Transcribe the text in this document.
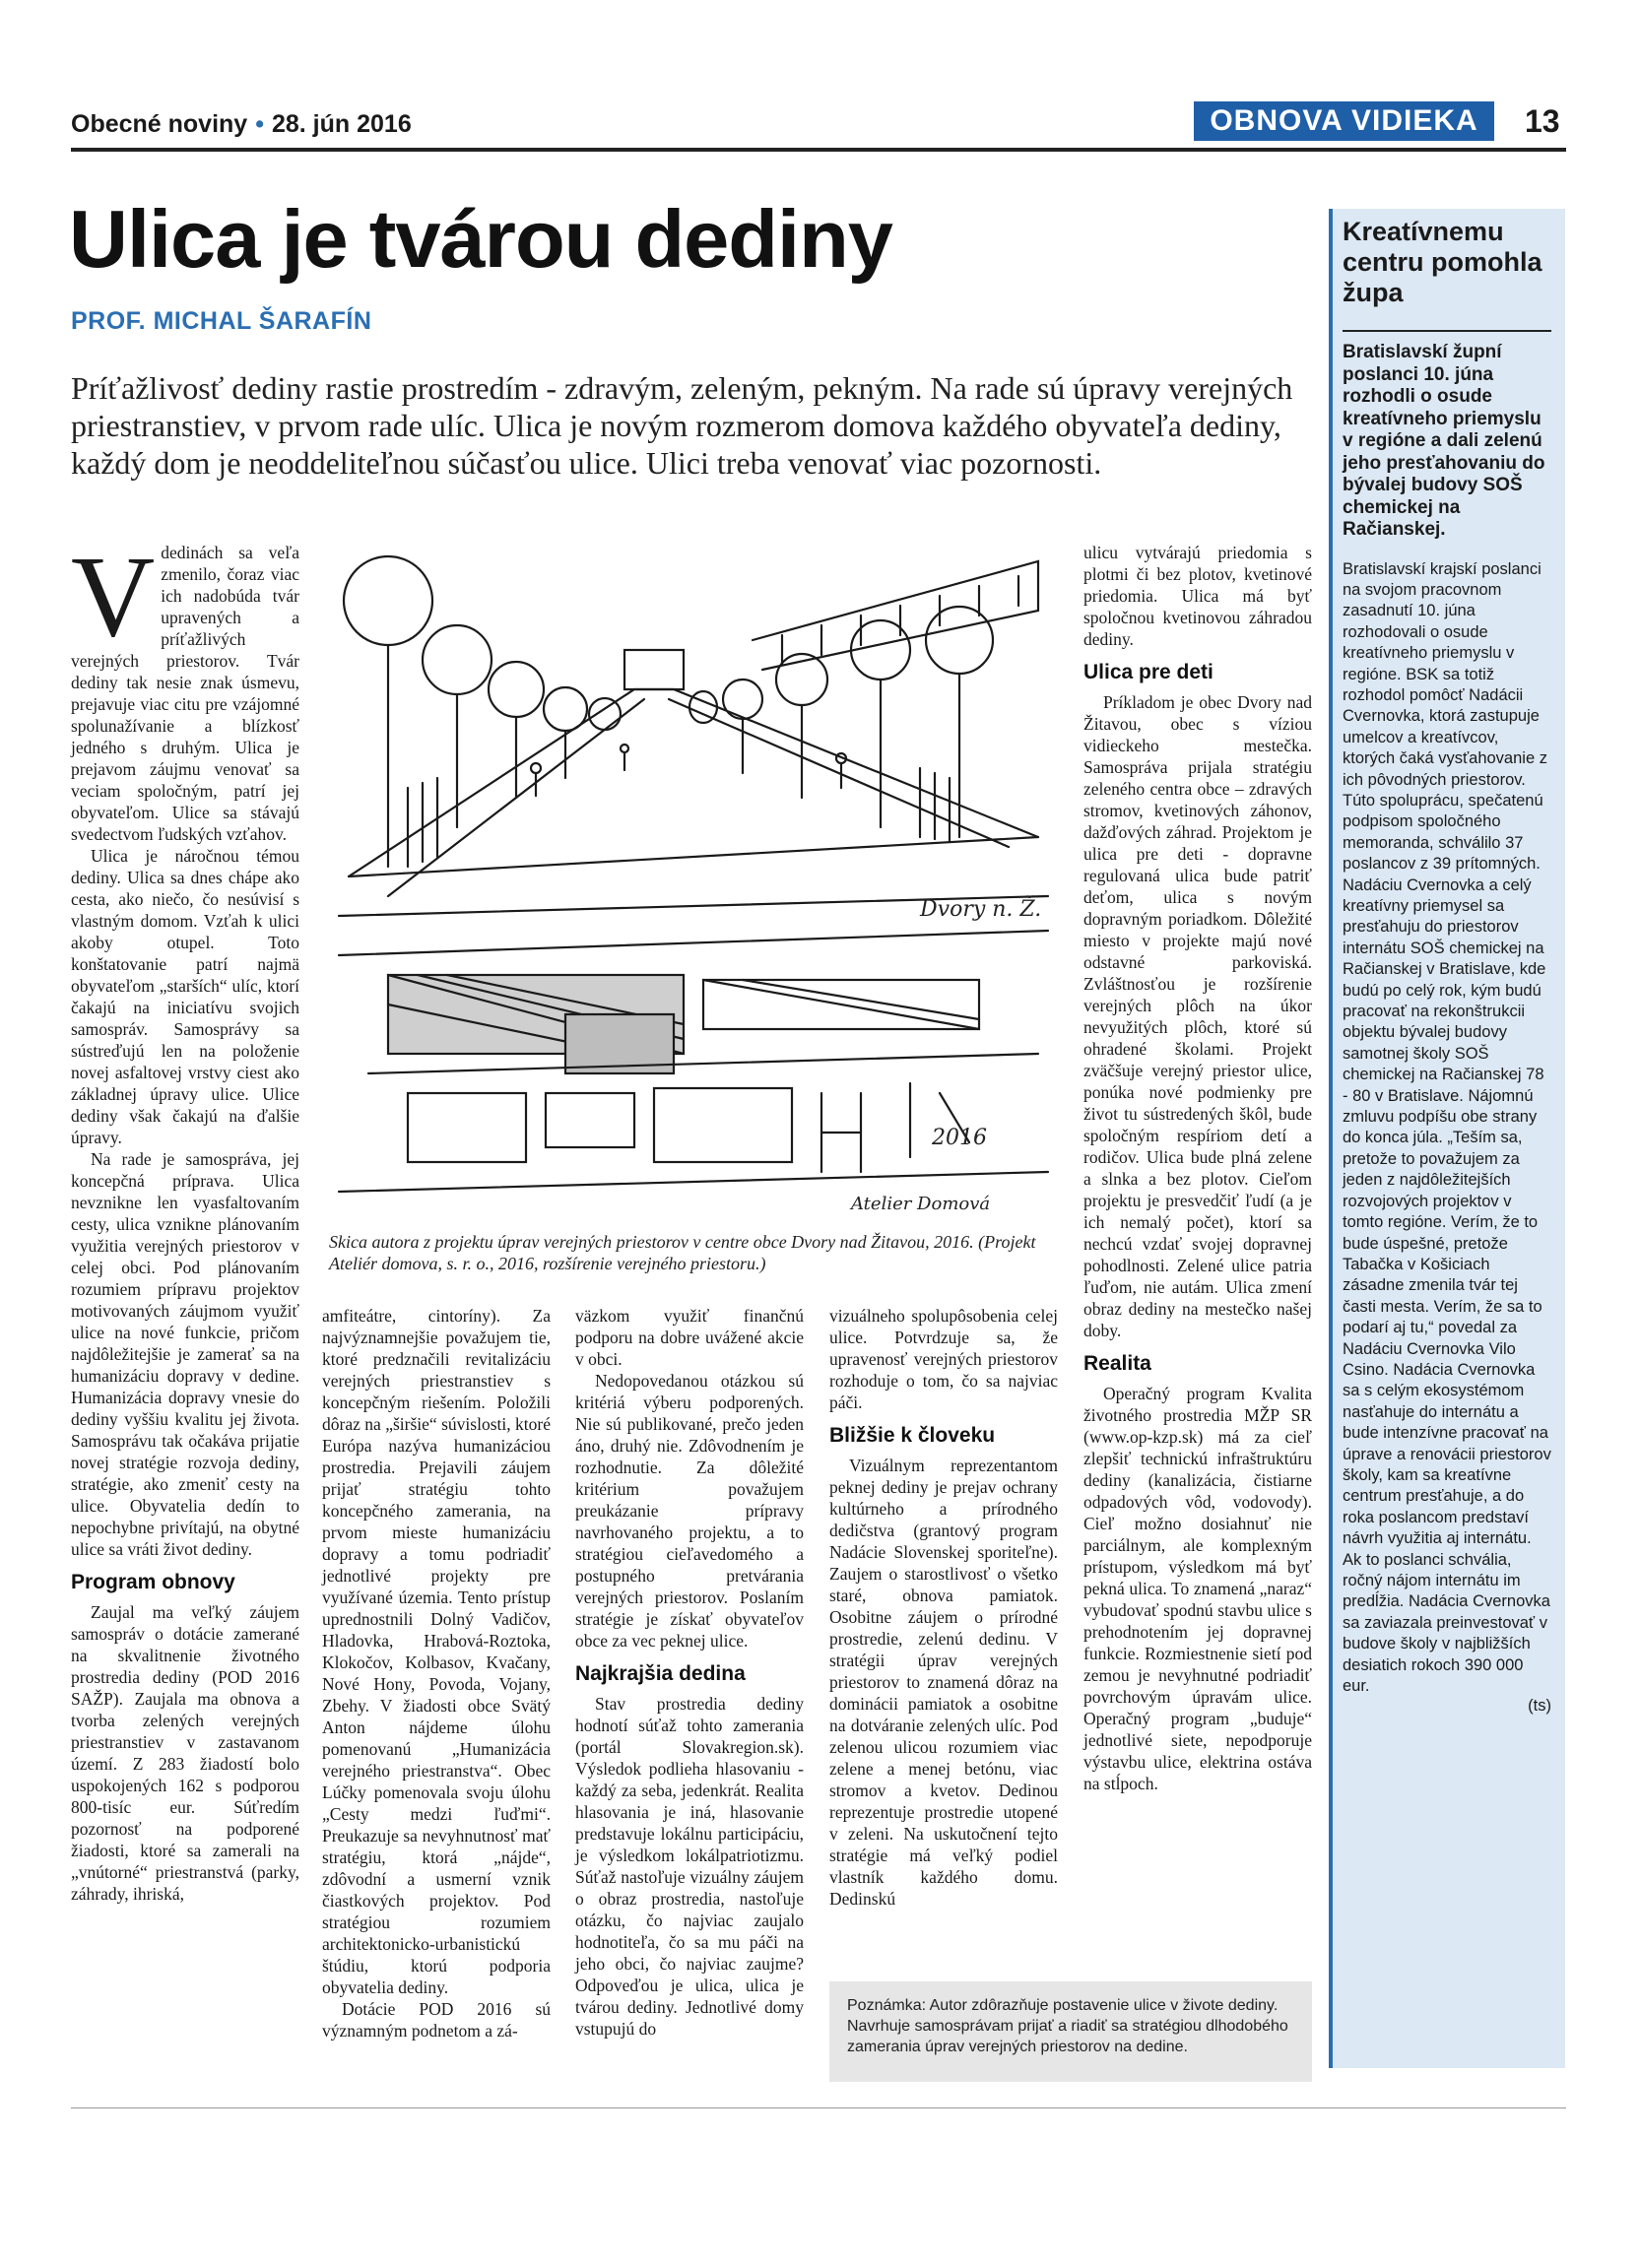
Obecné noviny • 28. jún 2016	OBNOVA VIDIEKA	13
Ulica je tvárou dediny
PROF. MICHAL ŠARAFÍN
Príťažlivosť dediny rastie prostredím - zdravým, zeleným, pekným. Na rade sú úpravy verejných priestranstiev, v prvom rade ulíc. Ulica je novým rozmerom domova každého obyvateľa dediny, každý dom je neoddeliteľnou súčasťou ulice. Ulici treba venovať viac pozornosti.
V dedinách sa veľa zmenilo, čoraz viac ich nadobúda tvár upravených a príťažlivých verejných priestorov. Tvár dediny tak nesie znak úsmevu, prejavuje viac citu pre vzájomné spolunažívanie a blízkosť jedného s druhým. Ulica je prejavom záujmu venovať sa veciam spoločným, patrí jej obyvateľom. Ulice sa stávajú svedectvom ľudských vzťahov.

Ulica je náročnou témou dediny. Ulica sa dnes chápe ako cesta, ako niečo, čo nesúvisí s vlastným domom. Vzťah k ulici akoby otupel. Toto konštatovanie patrí najmä obyvateľom „starších“ ulíc, ktorí čakajú na iniciatívu svojich samospráv. Samosprávy sa sústreďujú len na položenie novej asfaltovej vrstvy ciest ako základnej úpravy ulice. Ulice dediny však čakajú na ďalšie úpravy.

Na rade je samospráva, jej koncepčná príprava. Ulica nevznikne len vyasfaltovaním cesty, ulica vznikne plánovaním využitia verejných priestorov v celej obci. Pod plánovaním rozumiem prípravu projektov motivovaných záujmom využiť ulice na nové funkcie, pričom najdôležitejšie je zamerať sa na humanizáciu dopravy v dedine. Humanizácia dopravy vnesie do dediny vyššiu kvalitu jej života. Samosprávu tak očakáva prijatie novej stratégie rozvoja dediny, stratégie, ako zmeniť cesty na ulice. Obyvatelia dedín to nepochybne privítajú, na obytné ulice sa vráti život dediny.

Program obnovy

Zaujal ma veľký záujem samospráv o dotácie zamerané na skvalitnenie životného prostredia dediny (POD 2016 SAŽP). Zaujala ma obnova a tvorba zelených verejných priestranstiev v zastavanom území. Z 283 žiadostí bolo uspokojených 162 s podporou 800-tisíc eur. Súťredím pozornosť na podporené žiadosti, ktoré sa zamerali na „vnútorné“ priestranstvá (parky, záhrady, ihriská,

Dvory n. Ž.
2016
Atelier Domová
Skica autora z projektu úprav verejných priestorov v centre obce Dvory nad Žitavou, 2016. (Projekt Ateliér domova, s. r. o., 2016, rozšírenie verejného priestoru.)

amfiteátre, cintoríny). Za najvýznamnejšie považujem tie, ktoré predznačili revitalizáciu verejných priestranstiev s koncepčným riešením. Položili dôraz na „širšie“ súvislosti, ktoré Európa nazýva humanizáciou prostredia. Prejavili záujem prijať stratégiu tohto koncepčného zamerania, na prvom mieste humanizáciu dopravy a tomu podriadiť jednotlivé projekty pre využívané územia. Tento prístup uprednostnili Dolný Vadičov, Hladovka, Hrabová-Roztoka, Klokočov, Kolbasov, Kvačany, Nové Hony, Povoda, Vojany, Zbehy. V žiadosti obce Svätý Anton nájdeme úlohu pomenovanú „Humanizácia verejného priestranstva“. Obec Lúčky pomenovala svoju úlohu „Cesty medzi ľuďmi“. Preukazuje sa nevyhnutnosť mať stratégiu, ktorá „nájde“, zdôvodní a usmerní vznik čiastkových projektov. Pod stratégiou rozumiem architektonicko-urbanistickú štúdiu, ktorú podporia obyvatelia dediny.

Dotácie POD 2016 sú významným podnetom a zá-

väzkom využiť finančnú podporu na dobre uvážené akcie v obci.

Nedopovedanou otázkou sú kritériá výberu podporených. Nie sú publikované, prečo jeden áno, druhý nie. Zdôvodnením je rozhodnutie. Za dôležité kritérium považujem preukázanie prípravy navrhovaného projektu, a to stratégiou cieľavedomého a postupného pretvárania verejných priestorov. Poslaním stratégie je získať obyvateľov obce za vec peknej ulice.

Najkrajšia dedina

Stav prostredia dediny hodnotí súťaž tohto zamerania (portál Slovakregion.sk). Výsledok podlieha hlasovaniu - každý za seba, jedenkrát. Realita hlasovania je iná, hlasovanie predstavuje lokálnu participáciu, je výsledkom lokálpatriotizmu. Súťaž nastoľuje vizuálny záujem o obraz prostredia, nastoľuje otázku, čo najviac zaujalo hodnotiteľa, čo sa mu páči na jeho obci, čo najviac zaujme? Odpoveďou je ulica, ulica je tvárou dediny. Jednotlivé domy vstupujú do

vizuálneho spolupôsobenia celej ulice. Potvrdzuje sa, že upravenosť verejných priestorov rozhoduje o tom, čo sa najviac páči.

Bližšie k človeku

Vizuálnym reprezentantom peknej dediny je prejav ochrany kultúrneho a prírodného dedičstva (grantový program Nadácie Slovenskej sporiteľne). Zaujem o starostlivosť o všetko staré, obnova pamiatok. Osobitne záujem o prírodné prostredie, zelenú dedinu. V stratégii úprav verejných priestorov to znamená dôraz na dominácii pamiatok a osobitne na dotváranie zelených ulíc. Pod zelenou ulicou rozumiem viac zelene a menej betónu, viac stromov a kvetov. Dedinou reprezentuje prostredie utopené v zeleni. Na uskutočnení tejto stratégie má veľký podiel vlastník každého domu. Dedinskú

ulicu vytvárajú priedomia s plotmi či bez plotov, kvetinové priedomia. Ulica má byť spoločnou kvetinovou záhradou dediny.

Ulica pre deti

Príkladom je obec Dvory nad Žitavou, obec s víziou vidieckeho mestečka. Samospráva prijala stratégiu zeleného centra obce – zdravých stromov, kvetinových záhonov, dažďových záhrad. Projektom je ulica pre deti - dopravne regulovaná ulica bude patriť deťom, ulica s novým dopravným poriadkom. Dôležité miesto v projekte majú nové odstavné parkoviská. Zvláštnosťou je rozšírenie verejných plôch na úkor nevyužitých plôch, ktoré sú ohradené školami. Projekt zväčšuje verejný priestor ulice, ponúka nové podmienky pre život tu sústredených škôl, bude spoločným respíriom detí a rodičov. Ulica bude plná zelene a slnka a bez plotov. Cieľom projektu je presvedčiť ľudí (a je ich nemalý počet), ktorí sa nechcú vzdať svojej dopravnej pohodlnosti. Zelené ulice patria ľuďom, nie autám. Ulica zmení obraz dediny na mestečko našej doby.

Realita

Operačný program Kvalita životného prostredia MŽP SR (www.op-kzp.sk) má za cieľ zlepšiť technickú infraštruktúru dediny (kanalizácia, čistiarne odpadových vôd, vodovody). Cieľ možno dosiahnuť nie parciálnym, ale komplexným prístupom, výsledkom má byť pekná ulica. To znamená „naraz“ vybudovať spodnú stavbu ulice s prehodnotením jej dopravnej funkcie. Rozmiestnenie sietí pod zemou je nevyhnutné podriadiť povrchovým úpravám ulice. Operačný program „buduje“ jednotlivé siete, nepodporuje výstavbu ulice, elektrina ostáva na stĺpoch.

Poznámka: Autor zdôrazňuje postavenie ulice v živote dediny. Navrhuje samosprávam prijať a riadiť sa stratégiou dlhodobého zamerania úprav verejných priestorov na dedine.
Kreatívnemu centru pomohla župa
Bratislavskí župní poslanci 10. júna rozhodli o osude kreatívneho priemyslu v regióne a dali zelenú jeho presťahovaniu do bývalej budovy SOŠ chemickej na Račianskej.
Bratislavskí krajskí poslanci na svojom pracovnom zasadnutí 10. júna rozhodovali o osude kreatívneho priemyslu v regióne. BSK sa totiž rozhodol pomôcť Nadácii Cvernovka, ktorá zastupuje umelcov a kreatívcov, ktorých čaká vysťahovanie z ich pôvodných priestorov. Túto spoluprácu, spečatenú podpisom spoločného memoranda, schválilo 37 poslancov z 39 prítomných. Nadáciu Cvernovka a celý kreatívny priemysel sa presťahuju do priestorov internátu SOŠ chemickej na Račianskej v Bratislave, kde budú po celý rok, kým budú pracovať na rekonštrukcii objektu bývalej budovy samotnej školy SOŠ chemickej na Račianskej 78 - 80 v Bratislave. Nájomnú zmluvu podpíšu obe strany do konca júla. „Teším sa, pretože to považujem za jeden z najdôležitejších rozvojových projektov v tomto regióne. Verím, že to bude úspešné, pretože Tabačka v Košiciach zásadne zmenila tvár tej časti mesta. Verím, že sa to podarí aj tu,“ povedal za Nadáciu Cvernovka Vilo Csino. Nadácia Cvernovka sa s celým ekosystémom nasťahuje do internátu a bude intenzívne pracovať na úprave a renovácii priestorov školy, kam sa kreatívne centrum presťahuje, a do roka poslancom predstaví návrh využitia aj internátu. Ak to poslanci schvália, ročný nájom internátu im predĺžia. Nadácia Cvernovka sa zaviazala preinvestovať v budove školy v najbližších desiatich rokoch 390 000 eur.
(ts)
